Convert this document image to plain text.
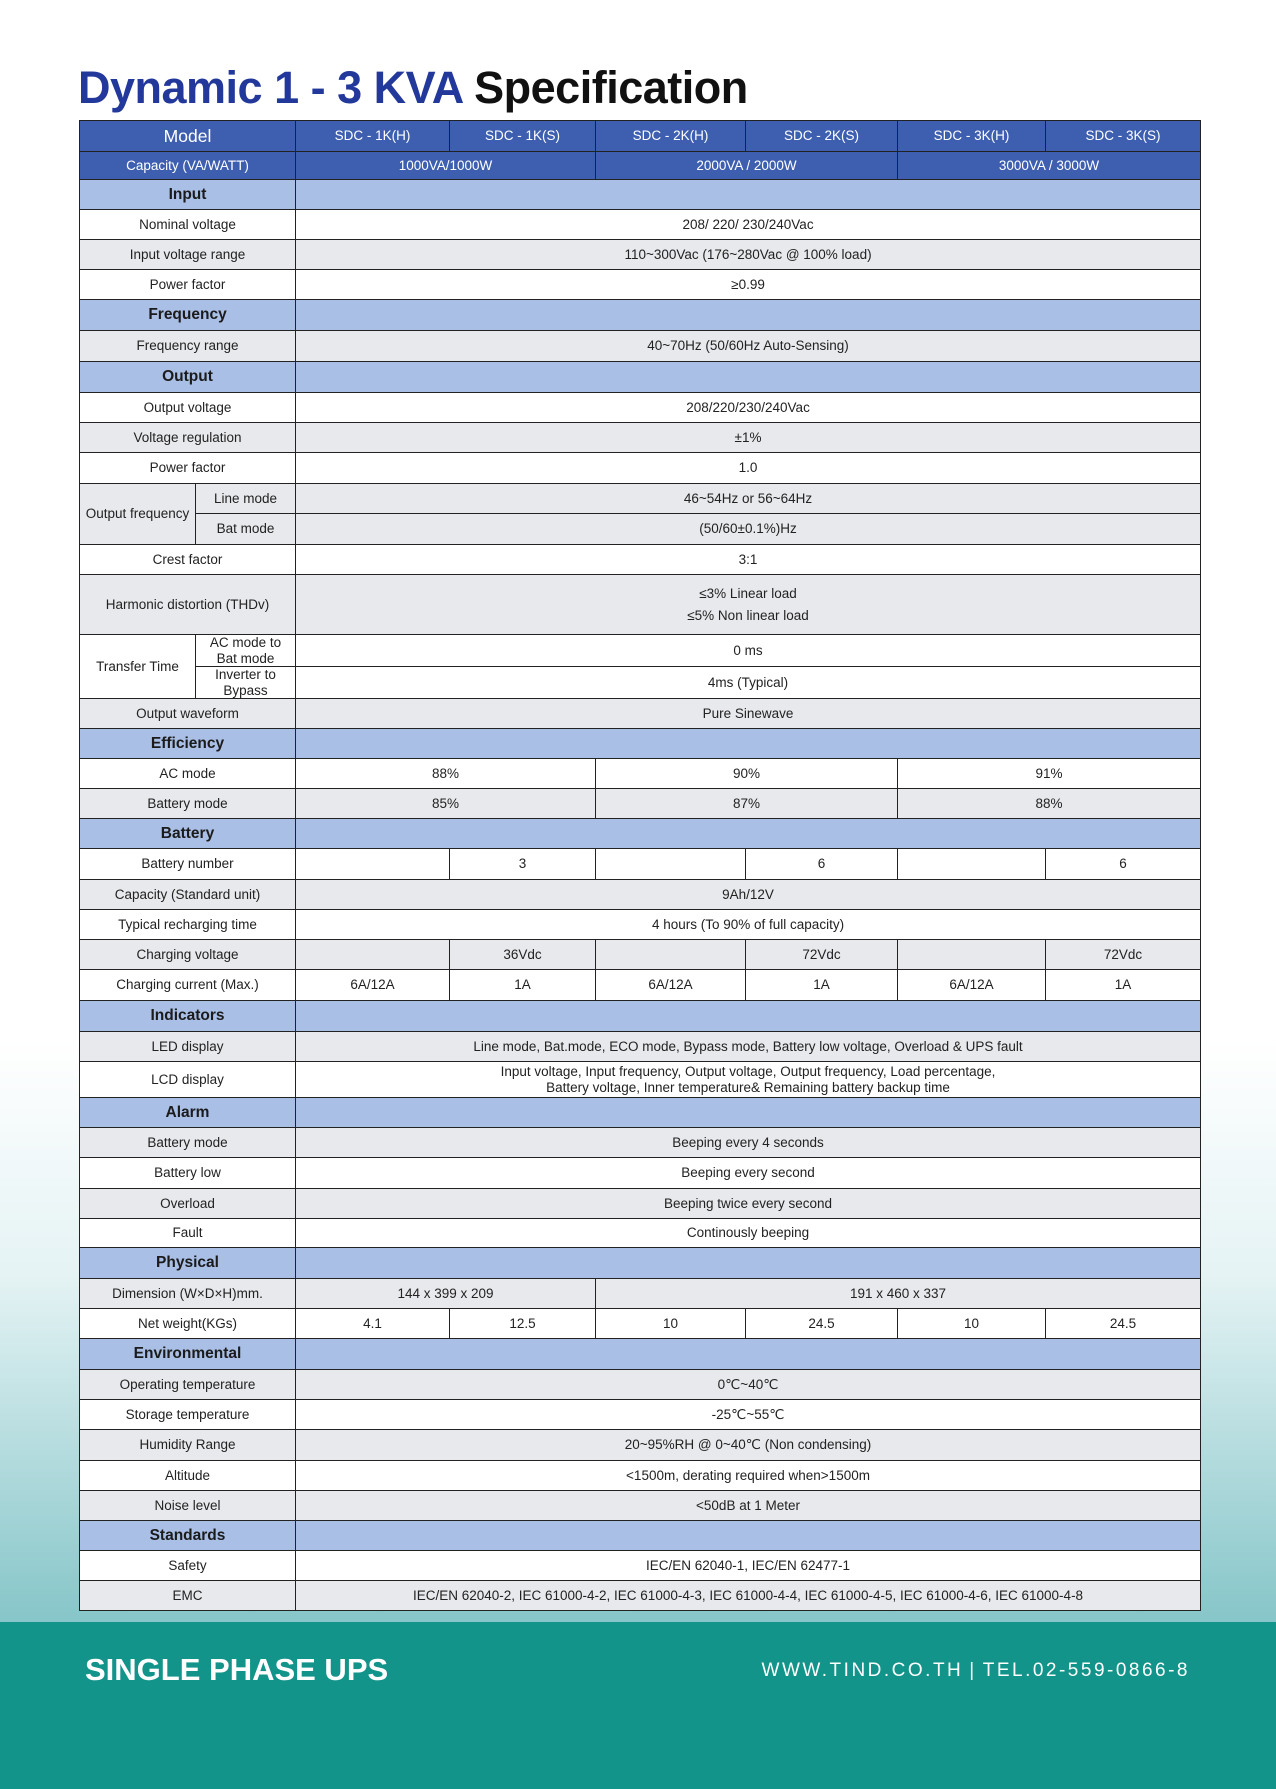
Dynamic 1 - 3 KVA Specification
Model		SDC - 1K(H)	SDC - 1K(S)	SDC - 2K(H)	SDC - 2K(S)	SDC - 3K(H)	SDC - 3K(S)
Capacity (VA/WATT)		1000VA/1000W		2000VA / 2000W		3000VA / 3000W	
Input							
Nominal voltage		208/ 220/ 230/240Vac					
Input voltage range		110~300Vac (176~280Vac @ 100% load)					
Power factor		≥0.99					
Frequency							
Frequency range		40~70Hz (50/60Hz Auto-Sensing)					
Output							
Output voltage		208/220/230/240Vac					
Voltage regulation		±1%					
Power factor		1.0					
Output frequency	Line mode	46~54Hz or 56~64Hz					
	Bat mode	(50/60±0.1%)Hz					
Crest factor		3:1					
Harmonic distortion (THDv)		≤3% Linear load
≤5% Non linear load					

Transfer Time	AC mode to Bat mode	0 ms					
	Inverter to Bypass	4ms (Typical)					
Output waveform		Pure Sinewave					
Efficiency							
AC mode		88%		90%		91%	
Battery mode		85%		87%		88%	
Battery							
Battery number			3		6		6
Capacity (Standard unit)		9Ah/12V					
Typical recharging time		4 hours (To 90% of full capacity)					
Charging voltage			36Vdc		72Vdc		72Vdc
Charging current (Max.)		6A/12A	1A	6A/12A	1A	6A/12A	1A
Indicators							
LED display		Line mode, Bat.mode, ECO mode, Bypass mode, Battery low voltage, Overload & UPS fault					
LCD display		Input voltage, Input frequency, Output voltage, Output frequency, Load percentage,
Battery voltage, Inner temperature& Remaining battery backup time					

Alarm							
Battery mode		Beeping every 4 seconds					
Battery low		Beeping every second					
Overload		Beeping twice every second					
Fault		Continously beeping					
Physical							
Dimension (W×D×H)mm.		144 x 399 x 209		191 x 460 x 337			
Net weight(KGs)		4.1	12.5	10	24.5	10	24.5
Environmental							
Operating temperature		0℃~40℃					
Storage temperature		-25℃~55℃					
Humidity Range		20~95%RH @ 0~40℃ (Non condensing)					
Altitude		<1500m, derating required when>1500m					
Noise level		<50dB at 1 Meter					
Standards							
Safety		IEC/EN 62040-1, IEC/EN 62477-1					
EMC		IEC/EN 62040-2, IEC 61000-4-2, IEC 61000-4-3, IEC 61000-4-4, IEC 61000-4-5, IEC 61000-4-6, IEC 61000-4-8					
SINGLE PHASE UPS	WWW.TIND.CO.TH | TEL.02-559-0866-8
